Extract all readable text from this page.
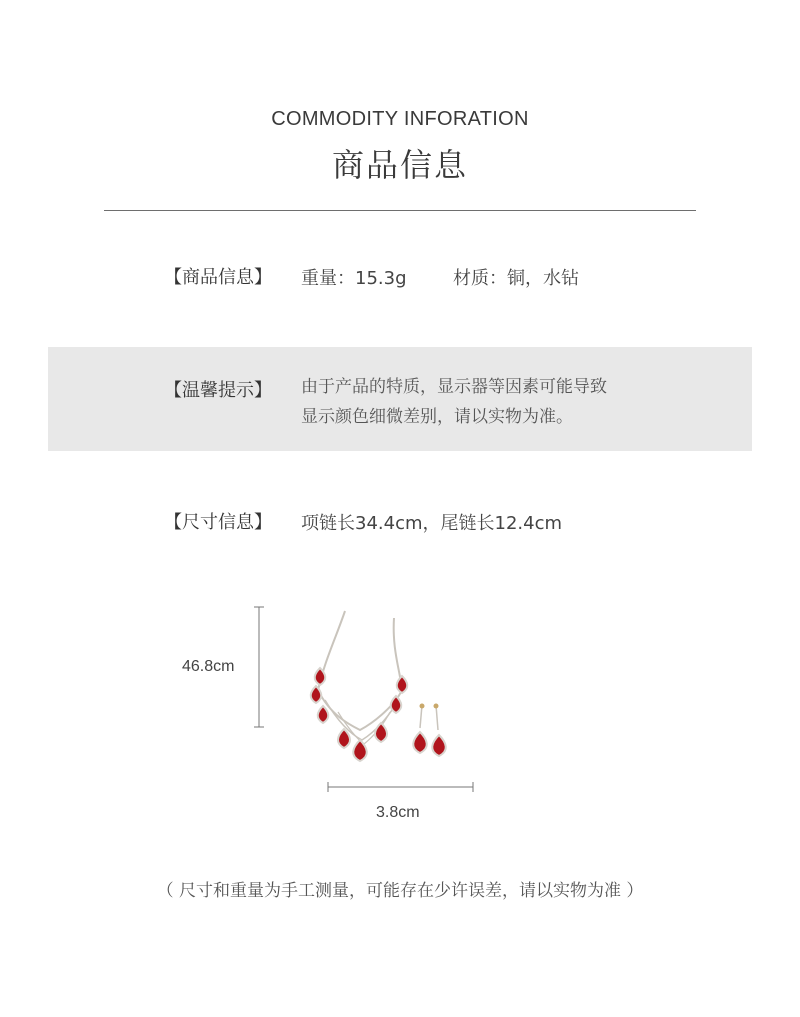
COMMODITY INFORATION
商品信息
【商品信息】 重量：15.3g	材质：铜，水钻
【温馨提示】 由于产品的特质，显示器等因素可能导致
显示颜色细微差别，请以实物为准。
【尺寸信息】 项链长34.4cm，尾链长12.4cm
46.8cm
3.8cm
（ 尺寸和重量为手工测量，可能存在少许误差，请以实物为准 ）
